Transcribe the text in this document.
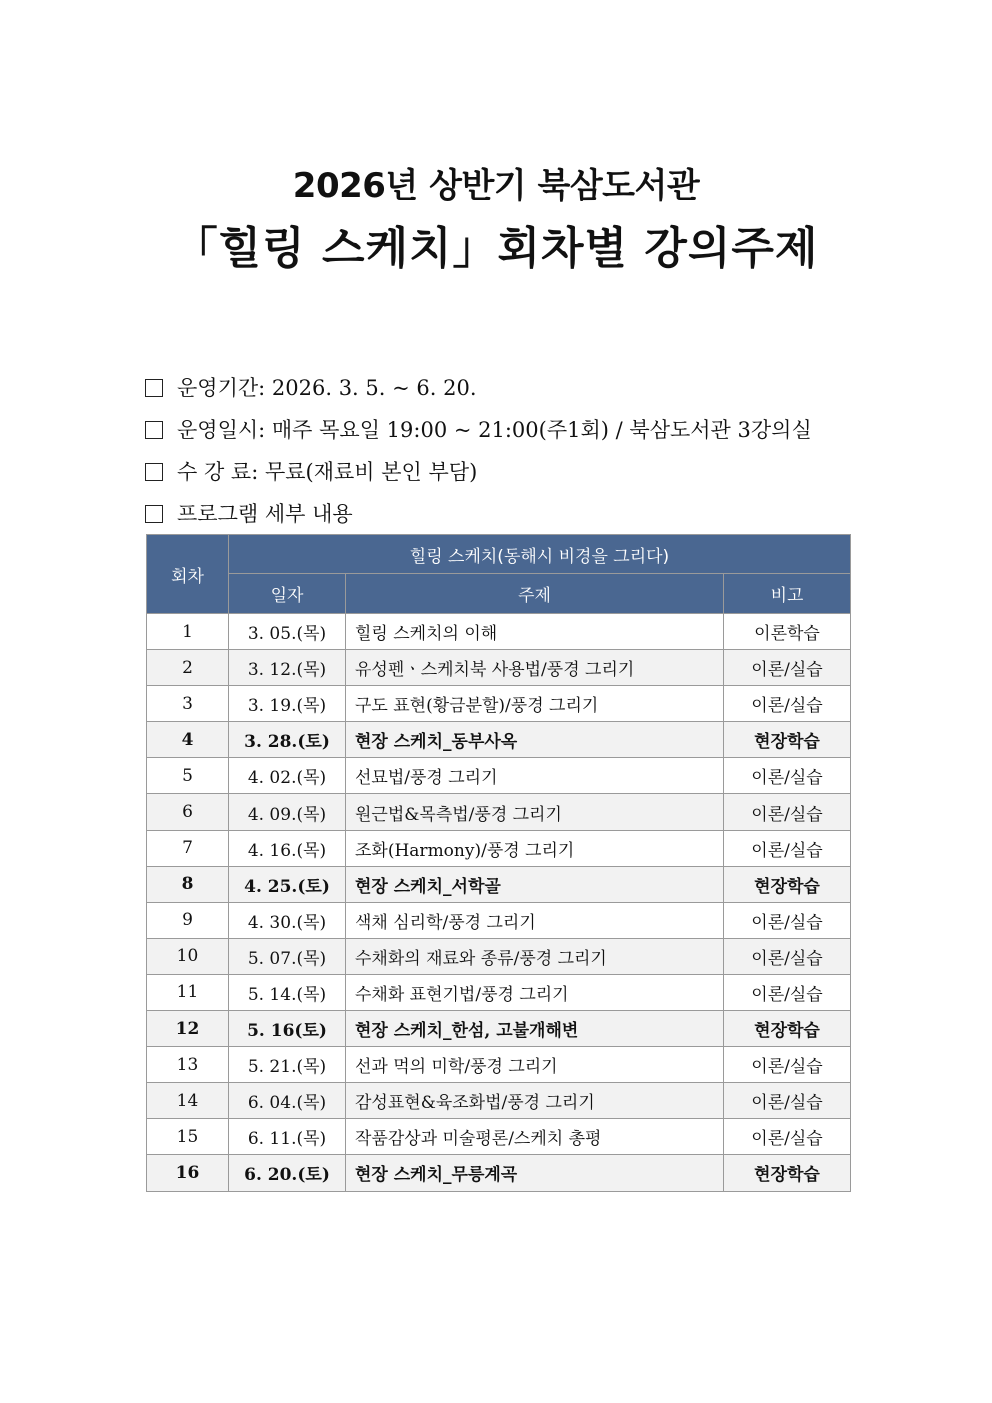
2026년 상반기 북삼도서관
「힐링 스케치」회차별 강의주제
운영기간: 2026. 3. 5. ~ 6. 20.
운영일시: 매주 목요일 19:00 ~ 21:00(주1회) / 북삼도서관 3강의실
수 강 료: 무료(재료비 본인 부담)
프로그램 세부 내용
회차	힐링 스케치(동해시 비경을 그리다)		
	일자	주제	비고
1	3. 05.(목)	힐링 스케치의 이해	이론학습
2	3. 12.(목)	유성펜ㆍ스케치북 사용법/풍경 그리기	이론/실습
3	3. 19.(목)	구도 표현(황금분할)/풍경 그리기	이론/실습
4	3. 28.(토)	현장 스케치_동부사옥	현장학습
5	4. 02.(목)	선묘법/풍경 그리기	이론/실습
6	4. 09.(목)	원근법&목측법/풍경 그리기	이론/실습
7	4. 16.(목)	조화(Harmony)/풍경 그리기	이론/실습
8	4. 25.(토)	현장 스케치_서학골	현장학습
9	4. 30.(목)	색채 심리학/풍경 그리기	이론/실습
10	5. 07.(목)	수채화의 재료와 종류/풍경 그리기	이론/실습
11	5. 14.(목)	수채화 표현기법/풍경 그리기	이론/실습
12	5. 16(토)	현장 스케치_한섬, 고불개해변	현장학습
13	5. 21.(목)	선과 먹의 미학/풍경 그리기	이론/실습
14	6. 04.(목)	감성표현&육조화법/풍경 그리기	이론/실습
15	6. 11.(목)	작품감상과 미술평론/스케치 총평	이론/실습
16	6. 20.(토)	현장 스케치_무릉계곡	현장학습
